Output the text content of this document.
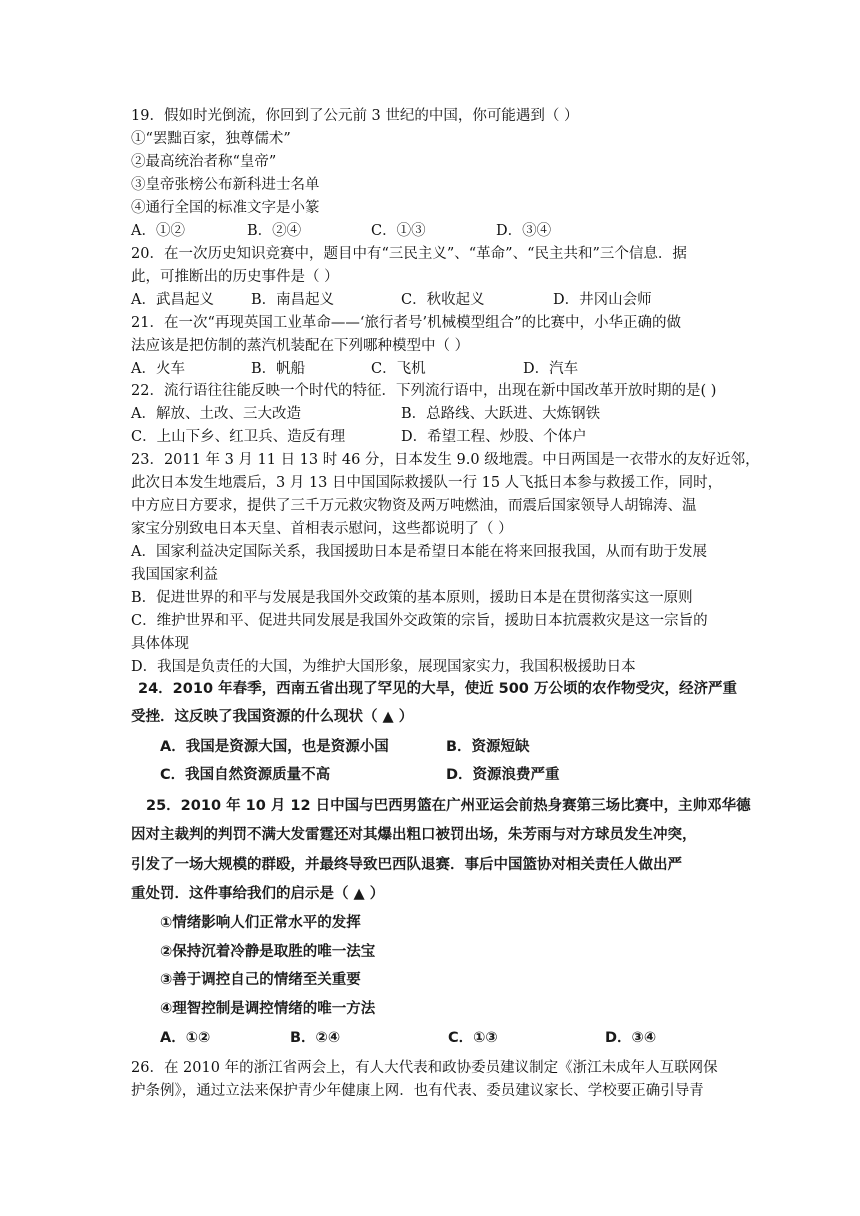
19．假如时光倒流，你回到了公元前 3 世纪的中国，你可能遇到（ ）
①“罢黜百家，独尊儒术”
②最高统治者称“皇帝”
③皇帝张榜公布新科进士名单
④通行全国的标准文字是小篆
A．①②	B．②④	C．①③	D．③④
20．在一次历史知识竞赛中，题目中有“三民主义”、“革命”、“民主共和”三个信息．据
此，可推断出的历史事件是（ ）
A．武昌起义	B．南昌起义	C．秋收起义	D．井冈山会师
21．在一次“再现英国工业革命——‘旅行者号’机械模型组合”的比赛中，小华正确的做
法应该是把仿制的蒸汽机装配在下列哪种模型中（ ）
A．火车	B．帆船	C．飞机	D．汽车
22．流行语往往能反映一个时代的特征．下列流行语中，出现在新中国改革开放时期的是( )
A．解放、土改、三大改造	B．总路线、大跃进、大炼钢铁
C．上山下乡、红卫兵、造反有理	D．希望工程、炒股、个体户
23．2011 年 3 月 11 日 13 时 46 分，日本发生 9.0 级地震。中日两国是一衣带水的友好近邻，
此次日本发生地震后，3 月 13 日中国国际救援队一行 15 人飞抵日本参与救援工作，同时，
中方应日方要求，提供了三千万元救灾物资及两万吨燃油，而震后国家领导人胡锦涛、温
家宝分别致电日本天皇、首相表示慰问，这些都说明了（ ）
A．国家利益决定国际关系，我国援助日本是希望日本能在将来回报我国，从而有助于发展
我国国家利益
B．促进世界的和平与发展是我国外交政策的基本原则，援助日本是在贯彻落实这一原则
C．维护世界和平、促进共同发展是我国外交政策的宗旨，援助日本抗震救灾是这一宗旨的
具体体现
D．我国是负责任的大国，为维护大国形象，展现国家实力，我国积极援助日本
24．2010 年春季，西南五省出现了罕见的大旱，使近 500 万公顷的农作物受灾，经济严重
受挫．这反映了我国资源的什么现状（ ▲ ）
A．我国是资源大国，也是资源小国	B．资源短缺
C．我国自然资源质量不高	D．资源浪费严重
25．2010 年 10 月 12 日中国与巴西男篮在广州亚运会前热身赛第三场比赛中，主帅邓华德
因对主裁判的判罚不满大发雷霆还对其爆出粗口被罚出场，朱芳雨与对方球员发生冲突，
引发了一场大规模的群殴，并最终导致巴西队退赛．事后中国篮协对相关责任人做出严
重处罚．这件事给我们的启示是（ ▲ ）
①情绪影响人们正常水平的发挥
②保持沉着冷静是取胜的唯一法宝
③善于调控自己的情绪至关重要
④理智控制是调控情绪的唯一方法
A．①②	B．②④	C．①③	D．③④
26．在 2010 年的浙江省两会上，有人大代表和政协委员建议制定《浙江未成年人互联网保
护条例》，通过立法来保护青少年健康上网．也有代表、委员建议家长、学校要正确引导青
